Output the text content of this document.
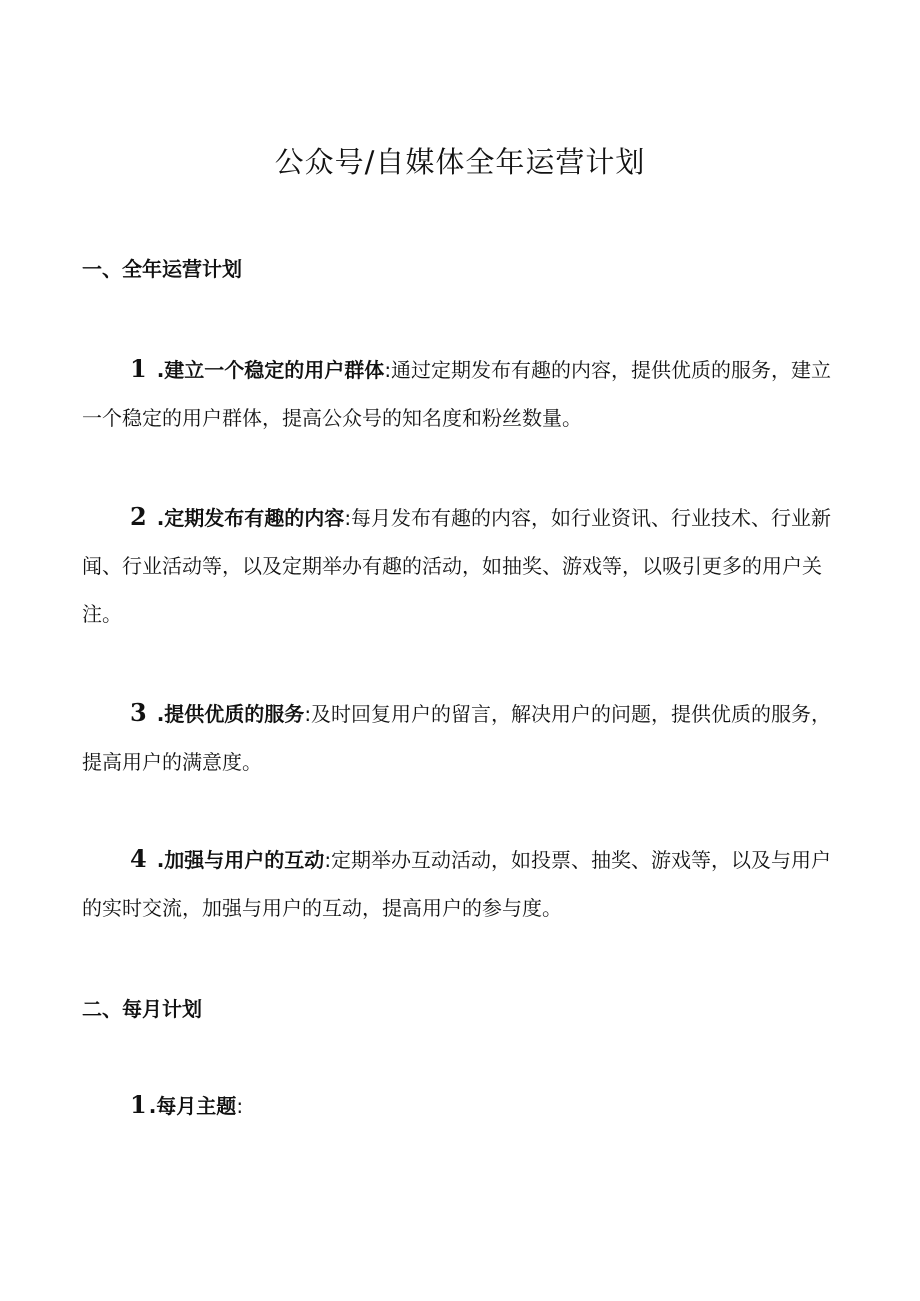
公众号/自媒体全年运营计划
一、全年运营计划

1 .建立一个稳定的用户群体:通过定期发布有趣的内容，提供优质的服务，建立一个稳定的用户群体，提高公众号的知名度和粉丝数量。

2 .定期发布有趣的内容:每月发布有趣的内容，如行业资讯、行业技术、行业新闻、行业活动等，以及定期举办有趣的活动，如抽奖、游戏等，以吸引更多的用户关注。

3 .提供优质的服务:及时回复用户的留言，解决用户的问题，提供优质的服务，提高用户的满意度。

4 .加强与用户的互动:定期举办互动活动，如投票、抽奖、游戏等，以及与用户的实时交流，加强与用户的互动，提高用户的参与度。

二、每月计划

1 .每月主题:
